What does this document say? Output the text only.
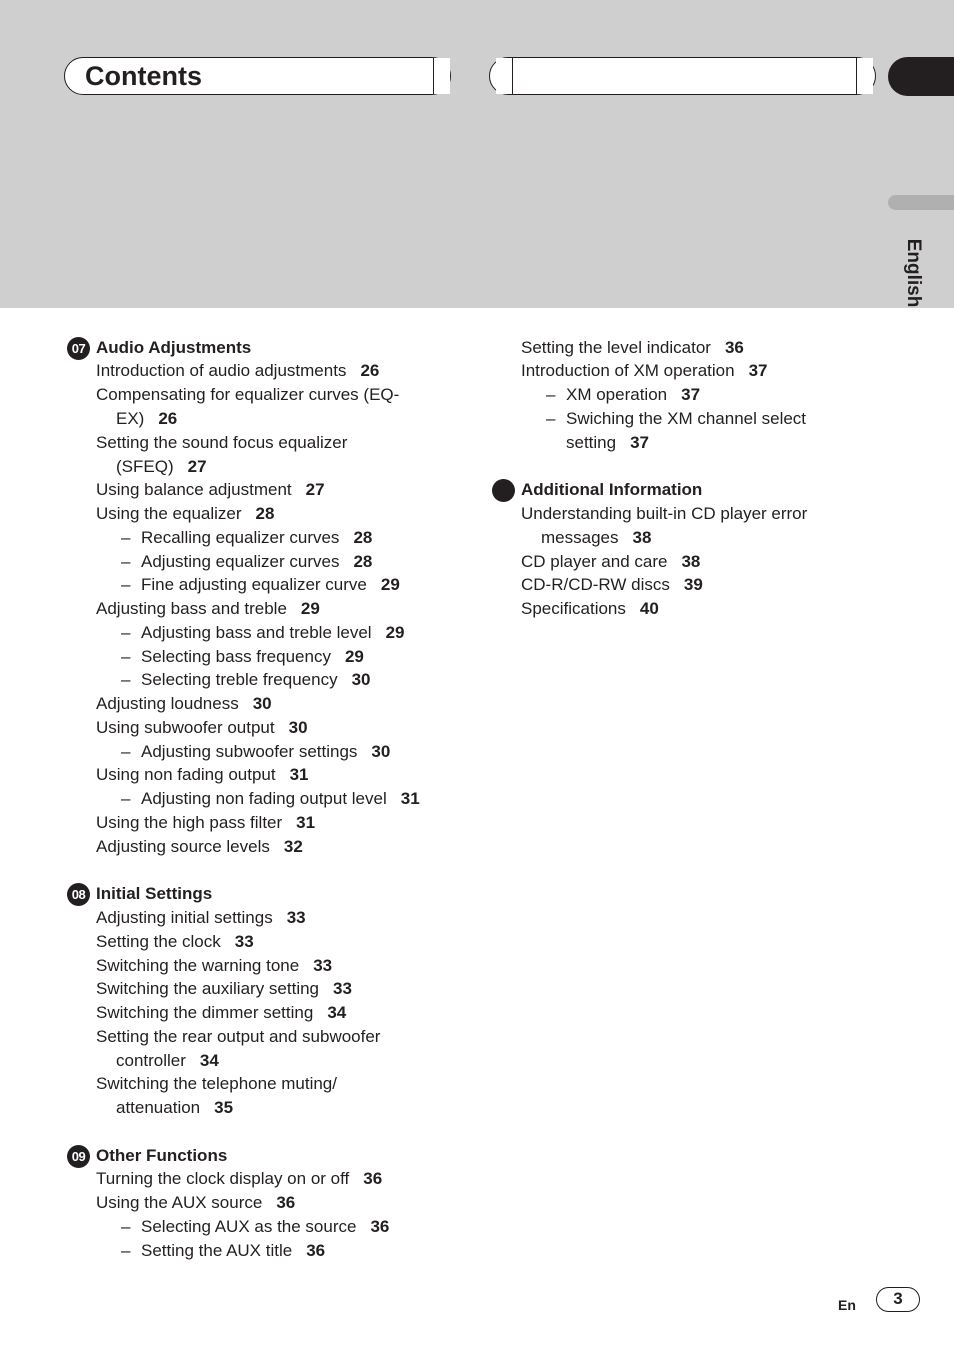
Contents
English
07 Audio Adjustments
Introduction of audio adjustments 26
Compensating for equalizer curves (EQ-
EX) 26
Setting the sound focus equalizer
(SFEQ) 27
Using balance adjustment 27
Using the equalizer 28
– Recalling equalizer curves 28
– Adjusting equalizer curves 28
– Fine adjusting equalizer curve 29
Adjusting bass and treble 29
– Adjusting bass and treble level 29
– Selecting bass frequency 29
– Selecting treble frequency 30
Adjusting loudness 30
Using subwoofer output 30
– Adjusting subwoofer settings 30
Using non fading output 31
– Adjusting non fading output level 31
Using the high pass filter 31
Adjusting source levels 32
08 Initial Settings
Adjusting initial settings 33
Setting the clock 33
Switching the warning tone 33
Switching the auxiliary setting 33
Switching the dimmer setting 34
Setting the rear output and subwoofer
controller 34
Switching the telephone muting/
attenuation 35
09 Other Functions
Turning the clock display on or off 36
Using the AUX source 36
– Selecting AUX as the source 36
– Setting the AUX title 36
Setting the level indicator 36
Introduction of XM operation 37
– XM operation 37
– Swiching the XM channel select
setting 37
Additional Information
Understanding built-in CD player error
messages 38
CD player and care 38
CD-R/CD-RW discs 39
Specifications 40
En	3
